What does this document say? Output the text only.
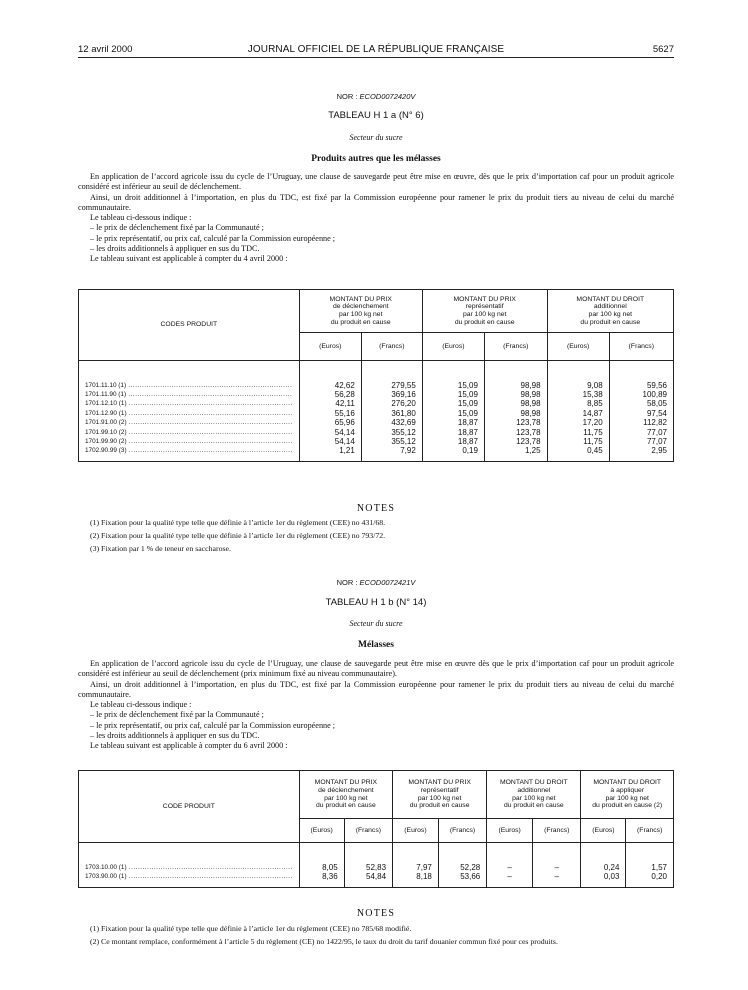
12 avril 2000	JOURNAL OFFICIEL DE LA RÉPUBLIQUE FRANÇAISE	5627
NOR : ECOD0072420V
TABLEAU H 1 a (N° 6)
Secteur du sucre
Produits autres que les mélasses

En application de l’accord agricole issu du cycle de l’Uruguay, une clause de sauvegarde peut être mise en œuvre, dès que le prix d’importation caf pour un produit agricole considéré est inférieur au seuil de déclenchement.

Ainsi, un droit additionnel à l’importation, en plus du TDC, est fixé par la Commission européenne pour ramener le prix du produit tiers au niveau de celui du marché communautaire.

Le tableau ci-dessous indique :

– le prix de déclenchement fixé par la Communauté ;

– le prix représentatif, ou prix caf, calculé par la Commission européenne ;

– les droits additionnels à appliquer en sus du TDC.

Le tableau suivant est applicable à compter du 4 avril 2000 :

CODES PRODUIT	MONTANT DU PRIX
de déclenchement
par 100 kg net
du produit en cause		MONTANT DU PRIX
représentatif
par 100 kg net
du produit en cause		MONTANT DU DROIT
additionnel
par 100 kg net
du produit en cause	
	(Euros)	(Francs)	(Euros)	(Francs)	(Euros)	(Francs)

1701.11.10 (1) ........................................................................	42,62	279,55	15,09	98,98	9,08	59,56
1701.11.90 (1) ........................................................................	56,28	369,16	15,09	98,98	15,38	100,89
1701.12.10 (1) ........................................................................	42,11	276,20	15,09	98,98	8,85	58,05
1701.12.90 (1) ........................................................................	55,16	361,80	15,09	98,98	14,87	97,54
1701.91.00 (2) ........................................................................	65,96	432,69	18,87	123,78	17,20	112,82
1701.99.10 (2) ........................................................................	54,14	355,12	18,87	123,78	11,75	77,07
1701.99.90 (2) ........................................................................	54,14	355,12	18,87	123,78	11,75	77,07
1702.90.99 (3) ........................................................................	1,21	7,92	0,19	1,25	0,45	2,95

NOTES
(1) Fixation pour la qualité type telle que définie à l’article 1er du règlement (CEE) no 431/68.
(2) Fixation pour la qualité type telle que définie à l’article 1er du règlement (CEE) no 793/72.
(3) Fixation par 1 % de teneur en saccharose.
NOR : ECOD0072421V
TABLEAU H 1 b (N° 14)
Secteur du sucre
Mélasses

En application de l’accord agricole issu du cycle de l’Uruguay, une clause de sauvegarde peut être mise en œuvre dès que le prix d’importation caf pour un produit agricole considéré est inférieur au seuil de déclenchement (prix minimum fixé au niveau communautaire).

Ainsi, un droit additionnel à l’importation, en plus du TDC, est fixé par la Commission européenne pour ramener le prix du produit tiers au niveau de celui du marché communautaire.

Le tableau ci-dessous indique :

– le prix de déclenchement fixé par la Communauté ;

– le prix représentatif, ou prix caf, calculé par la Commission européenne ;

– les droits additionnels à appliquer en sus du TDC.

Le tableau suivant est applicable à compter du 6 avril 2000 :

CODE PRODUIT	MONTANT DU PRIX
de déclenchement
par 100 kg net
du produit en cause		MONTANT DU PRIX
représentatif
par 100 kg net
du produit en cause		MONTANT DU DROIT
additionnel
par 100 kg net
du produit en cause		MONTANT DU DROIT
à appliquer
par 100 kg net
du produit en cause (2)	
	(Euros)	(Francs)	(Euros)	(Francs)	(Euros)	(Francs)	(Euros)	(Francs)

1703.10.00 (1) ........................................................................	8,05	52,83	7,97	52,28	–	–	0,24	1,57
1703.90.00 (1) ........................................................................	8,36	54,84	8,18	53,66	–	–	0,03	0,20

NOTES
(1) Fixation pour la qualité type telle que définie à l’article 1er du règlement (CEE) no 785/68 modifié.
(2) Ce montant remplace, conformément à l’article 5 du règlement (CE) no 1422/95, le taux du droit du tarif douanier commun fixé pour ces produits.
